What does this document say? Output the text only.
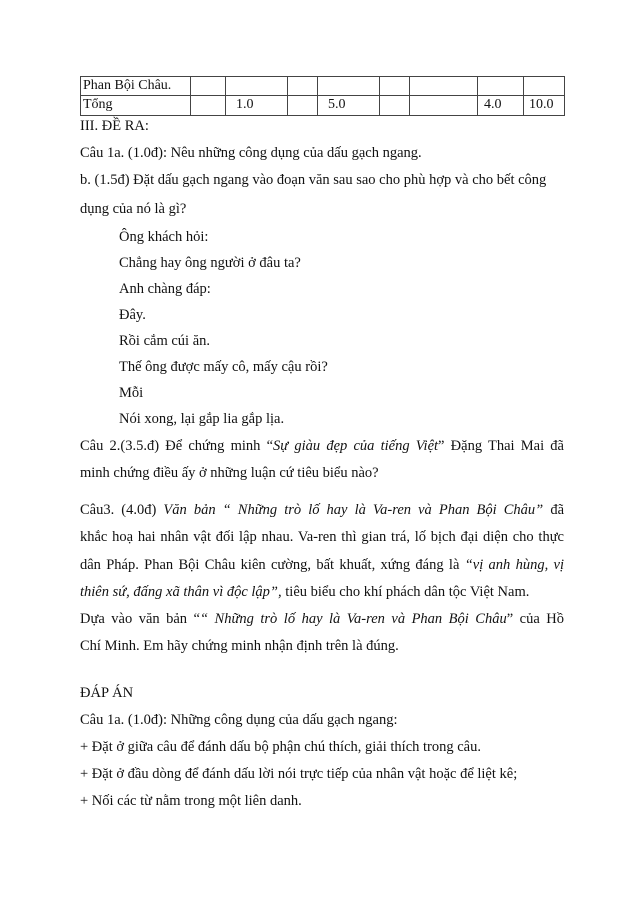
Phan Bội Châu.								
Tổng		1.0		5.0			4.0	10.0
III. ĐỀ RA:
Câu 1a. (1.0đ): Nêu những công dụng của dấu gạch ngang.
b. (1.5đ) Đặt dấu gạch ngang vào đoạn văn sau sao cho phù hợp và cho bết công
dụng của nó là gì?
Ông khách hỏi:
Chẳng hay ông người ở đâu ta?
Anh chàng đáp:
Đây.
Rồi cắm cúi ăn.
Thế ông được mấy cô, mấy cậu rồi?
Mỗi
Nói xong, lại gắp lia gắp lịa.
Câu 2.(3.5.đ) Để chứng minh “Sự giàu đẹp của tiếng Việt” Đặng Thai Mai đã
minh chứng điều ấy ở những luận cứ tiêu biểu nào?
Câu3. (4.0đ) Văn bản “ Những trò lố hay là Va-ren và Phan Bội Châu” đã
khắc hoạ hai nhân vật đối lập nhau. Va-ren thì gian trá, lố bịch đại diện cho thực
dân Pháp. Phan Bội Châu kiên cường, bất khuất, xứng đáng là “vị anh hùng, vị
thiên sứ, đấng xã thân vì độc lập”, tiêu biểu cho khí phách dân tộc Việt Nam.
Dựa vào văn bản ““ Những trò lố hay là Va-ren và Phan Bội Châu” của Hồ
Chí Minh. Em hãy chứng minh nhận định trên là đúng.
ĐÁP ÁN
Câu 1a. (1.0đ): Những công dụng của dấu gạch ngang:
+ Đặt ở giữa câu để đánh dấu bộ phận chú thích, giải thích trong câu.
+ Đặt ở đầu dòng để đánh dấu lời nói trực tiếp của nhân vật hoặc để liệt kê;
+ Nối các từ nằm trong một liên danh.
